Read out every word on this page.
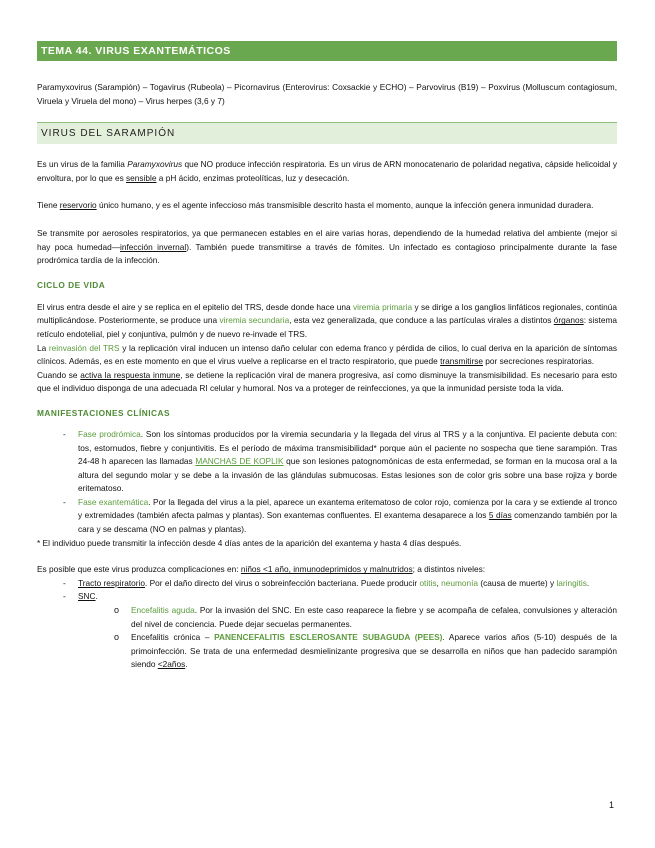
TEMA 44. VIRUS EXANTEMÁTICOS

Paramyxovirus (Sarampión) – Togavirus (Rubeola) – Picornavirus (Enterovirus: Coxsackie y ECHO) – Parvovirus (B19) – Poxvirus (Molluscum contagiosum, Viruela y Viruela del mono) – Virus herpes (3,6 y 7)

VIRUS DEL SARAMPIÓN

Es un virus de la familia Paramyxovirus que NO produce infección respiratoria. Es un virus de ARN monocatenario de polaridad negativa, cápside helicoidal y envoltura, por lo que es sensible a pH ácido, enzimas proteolíticas, luz y desecación.

Tiene reservorio único humano, y es el agente infeccioso más transmisible descrito hasta el momento, aunque la infección genera inmunidad duradera.

Se transmite por aerosoles respiratorios, ya que permanecen estables en el aire varias horas, dependiendo de la humedad relativa del ambiente (mejor si hay poca humedad—infección invernal). También puede transmitirse a través de fómites. Un infectado es contagioso principalmente durante la fase prodrómica tardía de la infección.

CICLO DE VIDA

El virus entra desde el aire y se replica en el epitelio del TRS, desde donde hace una viremia primaria y se dirige a los ganglios linfáticos regionales, continúa multiplicándose. Posteriormente, se produce una viremia secundaria, esta vez generalizada, que conduce a las partículas virales a distintos órganos: sistema retículo endotelial, piel y conjuntiva, pulmón y de nuevo re-invade el TRS.
La reinvasión del TRS y la replicación viral inducen un intenso daño celular con edema franco y pérdida de cilios, lo cual deriva en la aparición de síntomas clínicos. Además, es en este momento en que el virus vuelve a replicarse en el tracto respiratorio, que puede transmitirse por secreciones respiratorias.
Cuando se activa la respuesta inmune, se detiene la replicación viral de manera progresiva, así como disminuye la transmisibilidad. Es necesario para esto que el individuo disponga de una adecuada RI celular y humoral. Nos va a proteger de reinfecciones, ya que la inmunidad persiste toda la vida.

MANIFESTACIONES CLÍNICAS
- Fase prodrómica. Son los síntomas producidos por la viremia secundaria y la llegada del virus al TRS y a la conjuntiva. El paciente debuta con: tos, estornudos, fiebre y conjuntivitis. Es el período de máxima transmisibilidad* porque aún el paciente no sospecha que tiene sarampión. Tras 24-48 h aparecen las llamadas MANCHAS DE KOPLIK que son lesiones patognomónicas de esta enfermedad, se forman en la mucosa oral a la altura del segundo molar y se debe a la invasión de las glándulas submucosas. Estas lesiones son de color gris sobre una base rojiza y borde eritematoso.
- Fase exantemática. Por la llegada del virus a la piel, aparece un exantema eritematoso de color rojo, comienza por la cara y se extiende al tronco y extremidades (también afecta palmas y plantas). Son exantemas confluentes. El exantema desaparece a los 5 días comenzando también por la cara y se descama (NO en palmas y plantas).

* El individuo puede transmitir la infección desde 4 días antes de la aparición del exantema y hasta 4 días después.

Es posible que este virus produzca complicaciones en: niños <1 año, inmunodeprimidos y malnutridos; a distintos niveles:

- Tracto respiratorio. Por el daño directo del virus o sobreinfección bacteriana. Puede producir otitis, neumonía (causa de muerte) y laringitis.
- SNC.
o Encefalitis aguda. Por la invasión del SNC. En este caso reaparece la fiebre y se acompaña de cefalea, convulsiones y alteración del nivel de conciencia. Puede dejar secuelas permanentes.
o Encefalitis crónica – PANENCEFALITIS ESCLEROSANTE SUBAGUDA (PEES). Aparece varios años (5-10) después de la primoinfección. Se trata de una enfermedad desmielinizante progresiva que se desarrolla en niños que han padecido sarampión siendo <2años.
1
